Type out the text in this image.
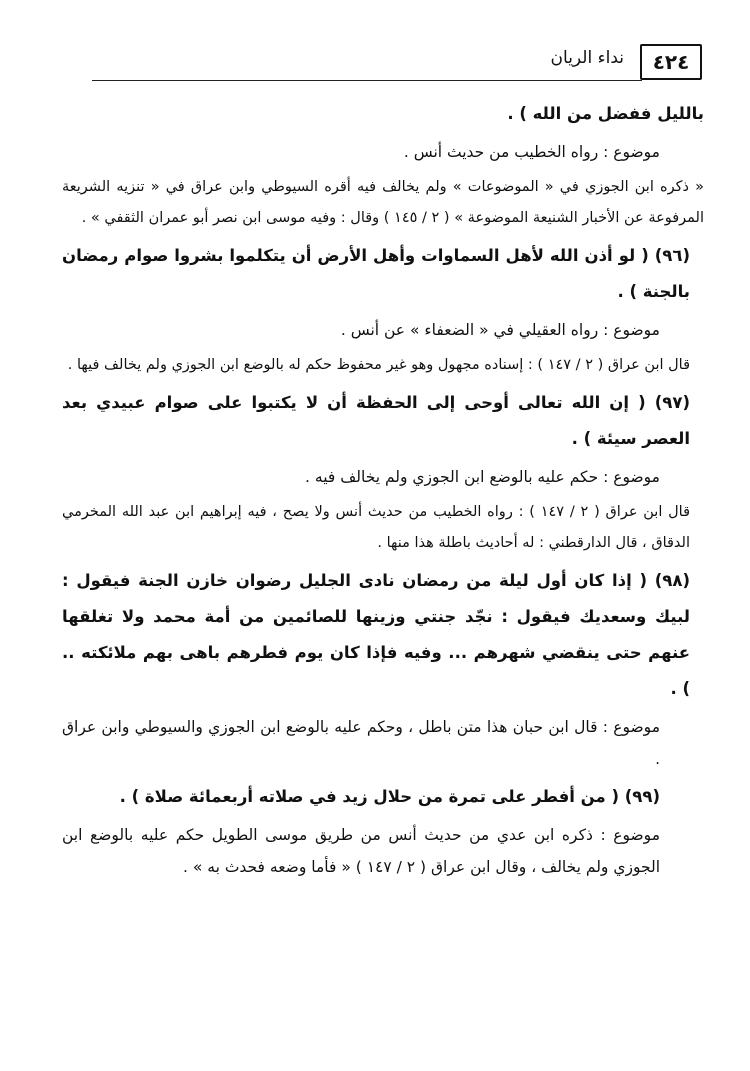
٤٢٤
نداء الريان

بالليل ففضل من الله ) .

موضوع : رواه الخطيب من حديث أنس .

« ذكره ابن الجوزي في « الموضوعات » ولم يخالف فيه أقره السيوطي وابن عراق في « تنزيه الشريعة المرفوعة عن الأخبار الشنيعة الموضوعة » ( ٢ / ١٤٥ ) وقال : وفيه موسى ابن نصر أبو عمران الثقفي » .

(٩٦) ( لو أذن الله لأهل السماوات وأهل الأرض أن يتكلموا بشروا صوام رمضان بالجنة ) .

موضوع : رواه العقيلي في « الضعفاء » عن أنس .

قال ابن عراق ( ٢ / ١٤٧ ) : إسناده مجهول وهو غير محفوظ حكم له بالوضع ابن الجوزي ولم يخالف فيها .

(٩٧) ( إن الله تعالى أوحى إلى الحفظة أن لا يكتبوا على صوام عبيدي بعد العصر سيئة ) .

موضوع : حكم عليه بالوضع ابن الجوزي ولم يخالف فيه .

قال ابن عراق ( ٢ / ١٤٧ ) : رواه الخطيب من حديث أنس ولا يصح ، فيه إبراهيم ابن عبد الله المخرمي الدقاق ، قال الدارقطني : له أحاديث باطلة هذا منها .

(٩٨) ( إذا كان أول ليلة من رمضان نادى الجليل رضوان خازن الجنة فيقول : لبيك وسعديك فيقول : نجّد جنتي وزينها للصائمين من أمة محمد ولا تغلقها عنهم حتى ينقضي شهرهم ... وفيه فإذا كان يوم فطرهم باهى بهم ملائكته .. ) .

موضوع : قال ابن حبان هذا متن باطل ، وحكم عليه بالوضع ابن الجوزي والسيوطي وابن عراق .

(٩٩) ( من أفطر على تمرة من حلال زيد في صلاته أربعمائة صلاة ) .

موضوع : ذكره ابن عدي من حديث أنس من طريق موسى الطويل حكم عليه بالوضع ابن الجوزي ولم يخالف ، وقال ابن عراق ( ٢ / ١٤٧ ) « فأما وضعه فحدث به » .
